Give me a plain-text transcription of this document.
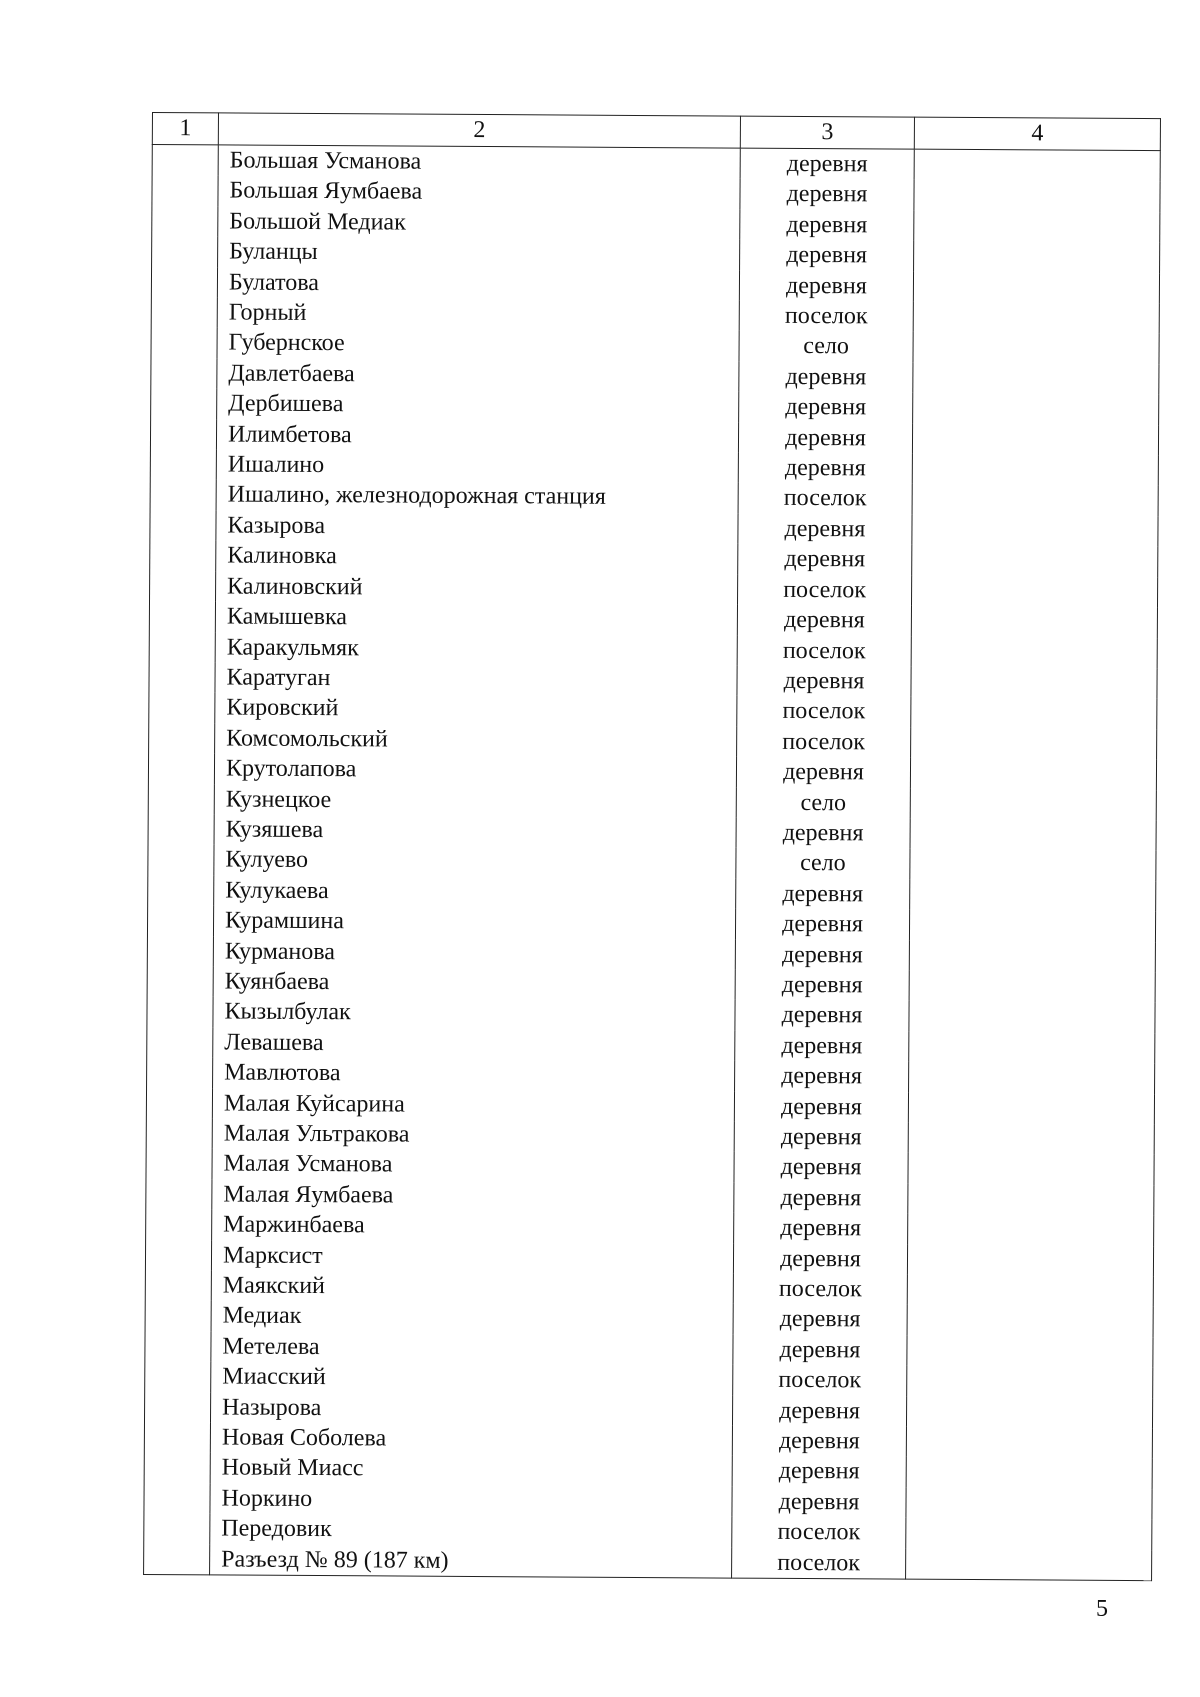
1	2	3	4
	Большая Усманова	деревня	
	Большая Яумбаева	деревня	
	Большой Медиак	деревня	
	Буланцы	деревня	
	Булатова	деревня	
	Горный	поселок	
	Губернское	село	
	Давлетбаева	деревня	
	Дербишева	деревня	
	Илимбетова	деревня	
	Ишалино	деревня	
	Ишалино, железнодорожная станция	поселок	
	Казырова	деревня	
	Калиновка	деревня	
	Калиновский	поселок	
	Камышевка	деревня	
	Каракульмяк	поселок	
	Каратуган	деревня	
	Кировский	поселок	
	Комсомольский	поселок	
	Крутолапова	деревня	
	Кузнецкое	село	
	Кузяшева	деревня	
	Кулуево	село	
	Кулукаева	деревня	
	Курамшина	деревня	
	Курманова	деревня	
	Куянбаева	деревня	
	Кызылбулак	деревня	
	Левашева	деревня	
	Мавлютова	деревня	
	Малая Куйсарина	деревня	
	Малая Ультракова	деревня	
	Малая Усманова	деревня	
	Малая Яумбаева	деревня	
	Маржинбаева	деревня	
	Марксист	деревня	
	Маякский	поселок	
	Медиак	деревня	
	Метелева	деревня	
	Миасский	поселок	
	Назырова	деревня	
	Новая Соболева	деревня	
	Новый Миасс	деревня	
	Норкино	деревня	
	Передовик	поселок	
	Разъезд № 89 (187 км)	поселок	
5
